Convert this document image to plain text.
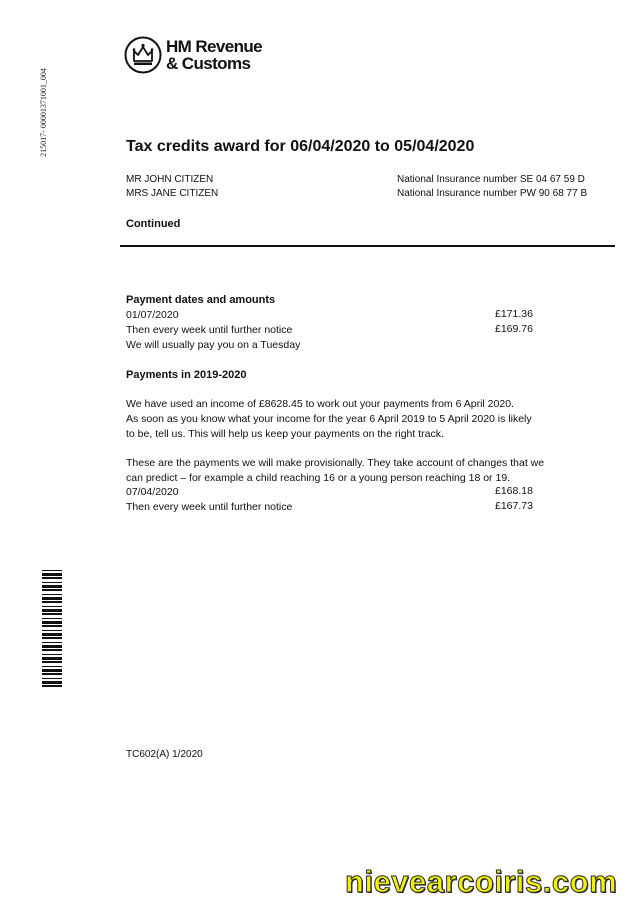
215017- 00001371001_004
HM Revenue
& Customs
Tax credits award for 06/04/2020 to 05/04/2020
MR JOHN CITIZEN
MRS JANE CITIZEN
National Insurance number SE 04 67 59 D
National Insurance number PW 90 68 77 B
Continued
Payment dates and amounts
01/07/2020	£171.36
Then every week until further notice	£169.76
We will usually pay you on a Tuesday
Payments in 2019-2020
We have used an income of £8628.45 to work out your payments from 6 April 2020.
As soon as you know what your income for the year 6 April 2019 to 5 April 2020 is likely
to be, tell us. This will help us keep your payments on the right track.
These are the payments we will make provisionally. They take account of changes that we
can predict – for example a child reaching 16 or a young person reaching 18 or 19.
07/04/2020	£168.18
Then every week until further notice	£167.73
TC602(A) 1/2020
nievearcoiris.com
